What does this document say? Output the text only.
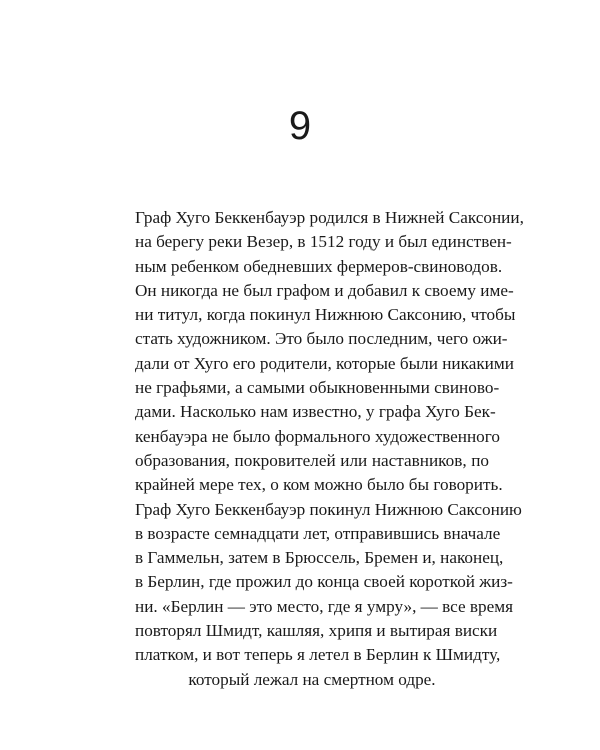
9
Граф Хуго Беккенбауэр родился в Нижней Саксонии,
на берегу реки Везер, в 1512 году и был единствен-
ным ребенком обедневших фермеров-свиноводов.
Он никогда не был графом и добавил к своему име-
ни титул, когда покинул Нижнюю Саксонию, чтобы
стать художником. Это было последним, чего ожи-
дали от Хуго его родители, которые были никакими
не графьями, а самыми обыкновенными свиново-
дами. Насколько нам известно, у графа Хуго Бек-
кенбауэра не было формального художественного
образования, покровителей или наставников, по
крайней мере тех, о ком можно было бы говорить.
Граф Хуго Беккенбауэр покинул Нижнюю Саксонию
в возрасте семнадцати лет, отправившись вначале
в Гаммельн, затем в Брюссель, Бремен и, наконец,
в Берлин, где прожил до конца своей короткой жиз-
ни. «Берлин — это место, где я умру», — все время
повторял Шмидт, кашляя, хрипя и вытирая виски
платком, и вот теперь я летел в Берлин к Шмидту,
который лежал на смертном одре.
